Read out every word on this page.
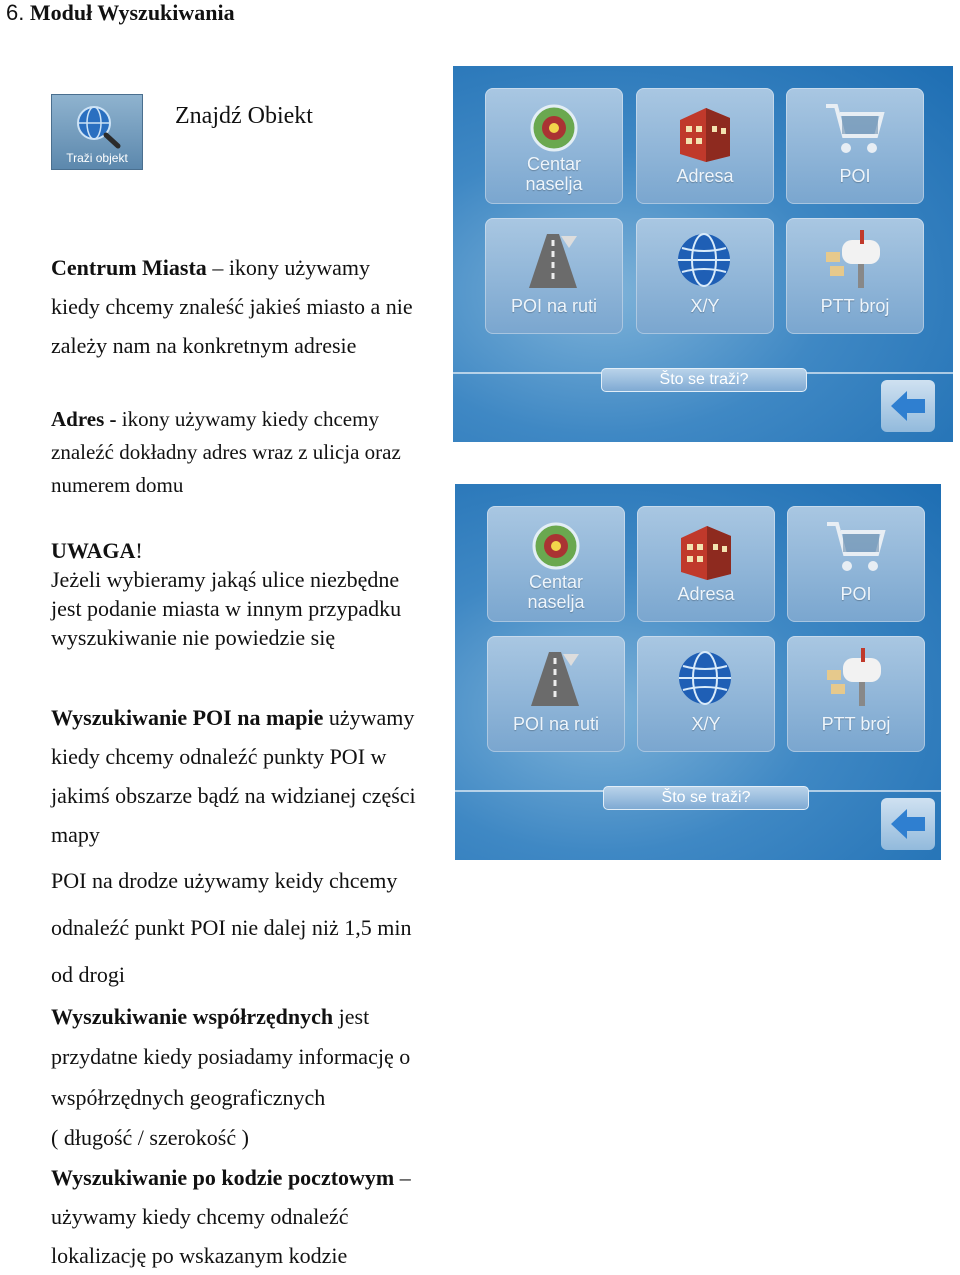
6. Moduł Wyszukiwania
Traži objekt
Znajdź Obiekt
Centrum Miasta – ikony używamy
kiedy chcemy znaleść jakieś miasto a nie
zależy nam na konkretnym adresie
Adres - ikony używamy kiedy chcemy
znaleźć dokładny adres wraz z ulicja oraz
numerem domu
UWAGA!
Jeżeli wybieramy jakąś ulice niezbędne
jest podanie miasta w innym przypadku
wyszukiwanie nie powiedzie się
Wyszukiwanie POI na mapie używamy
kiedy chcemy odnaleźć punkty POI w
jakimś obszarze bądź na widzianej części
mapy
POI na drodze używamy keidy chcemy
odnaleźć punkt POI nie dalej niż 1,5 min
od drogi
Wyszukiwanie współrzędnych jest
przydatne kiedy posiadamy informację o
współrzędnych geograficznych
( długość / szerokość )
Wyszukiwanie po kodzie pocztowym –
używamy kiedy chcemy odnaleźć
lokalizację po wskazanym kodzie
Centar
naselja	Adresa	POI
POI na ruti	X/Y	PTT broj
Što se traži?
Centar
naselja	Adresa	POI
POI na ruti	X/Y	PTT broj
Što se traži?
